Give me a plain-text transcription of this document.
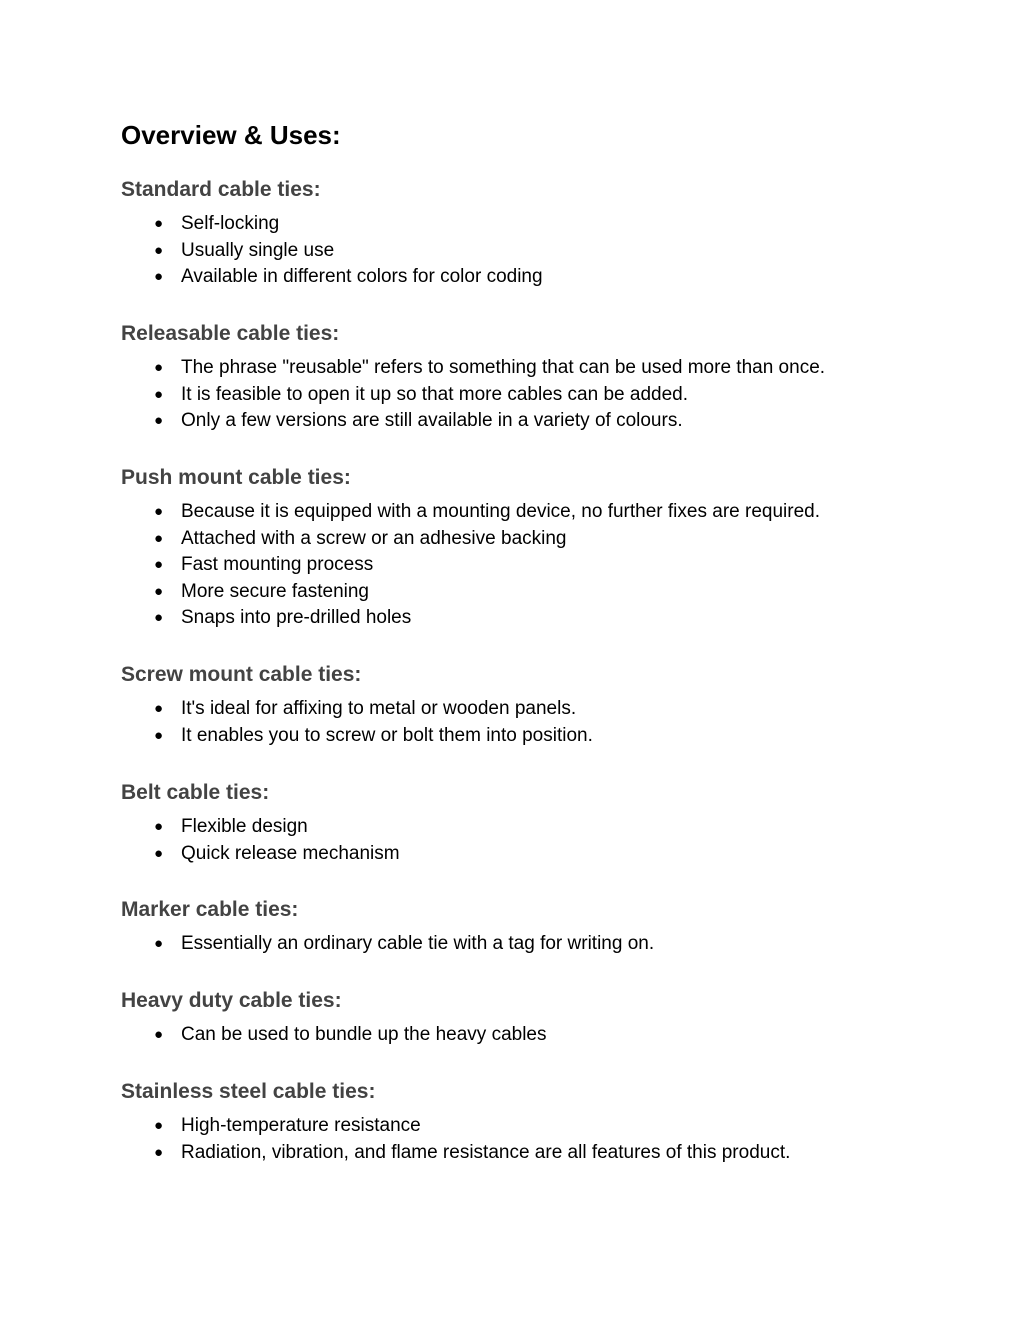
Overview & Uses:
Standard cable ties:
● Self-locking
● Usually single use
● Available in different colors for color coding
Releasable cable ties:
● The phrase "reusable" refers to something that can be used more than once.
● It is feasible to open it up so that more cables can be added.
● Only a few versions are still available in a variety of colours.
Push mount cable ties:
● Because it is equipped with a mounting device, no further fixes are required.
● Attached with a screw or an adhesive backing
● Fast mounting process
● More secure fastening
● Snaps into pre-drilled holes
Screw mount cable ties:
● It's ideal for affixing to metal or wooden panels.
● It enables you to screw or bolt them into position.
Belt cable ties:
● Flexible design
● Quick release mechanism
Marker cable ties:
● Essentially an ordinary cable tie with a tag for writing on.
Heavy duty cable ties:
● Can be used to bundle up the heavy cables
Stainless steel cable ties:
● High-temperature resistance
● Radiation, vibration, and flame resistance are all features of this product.
